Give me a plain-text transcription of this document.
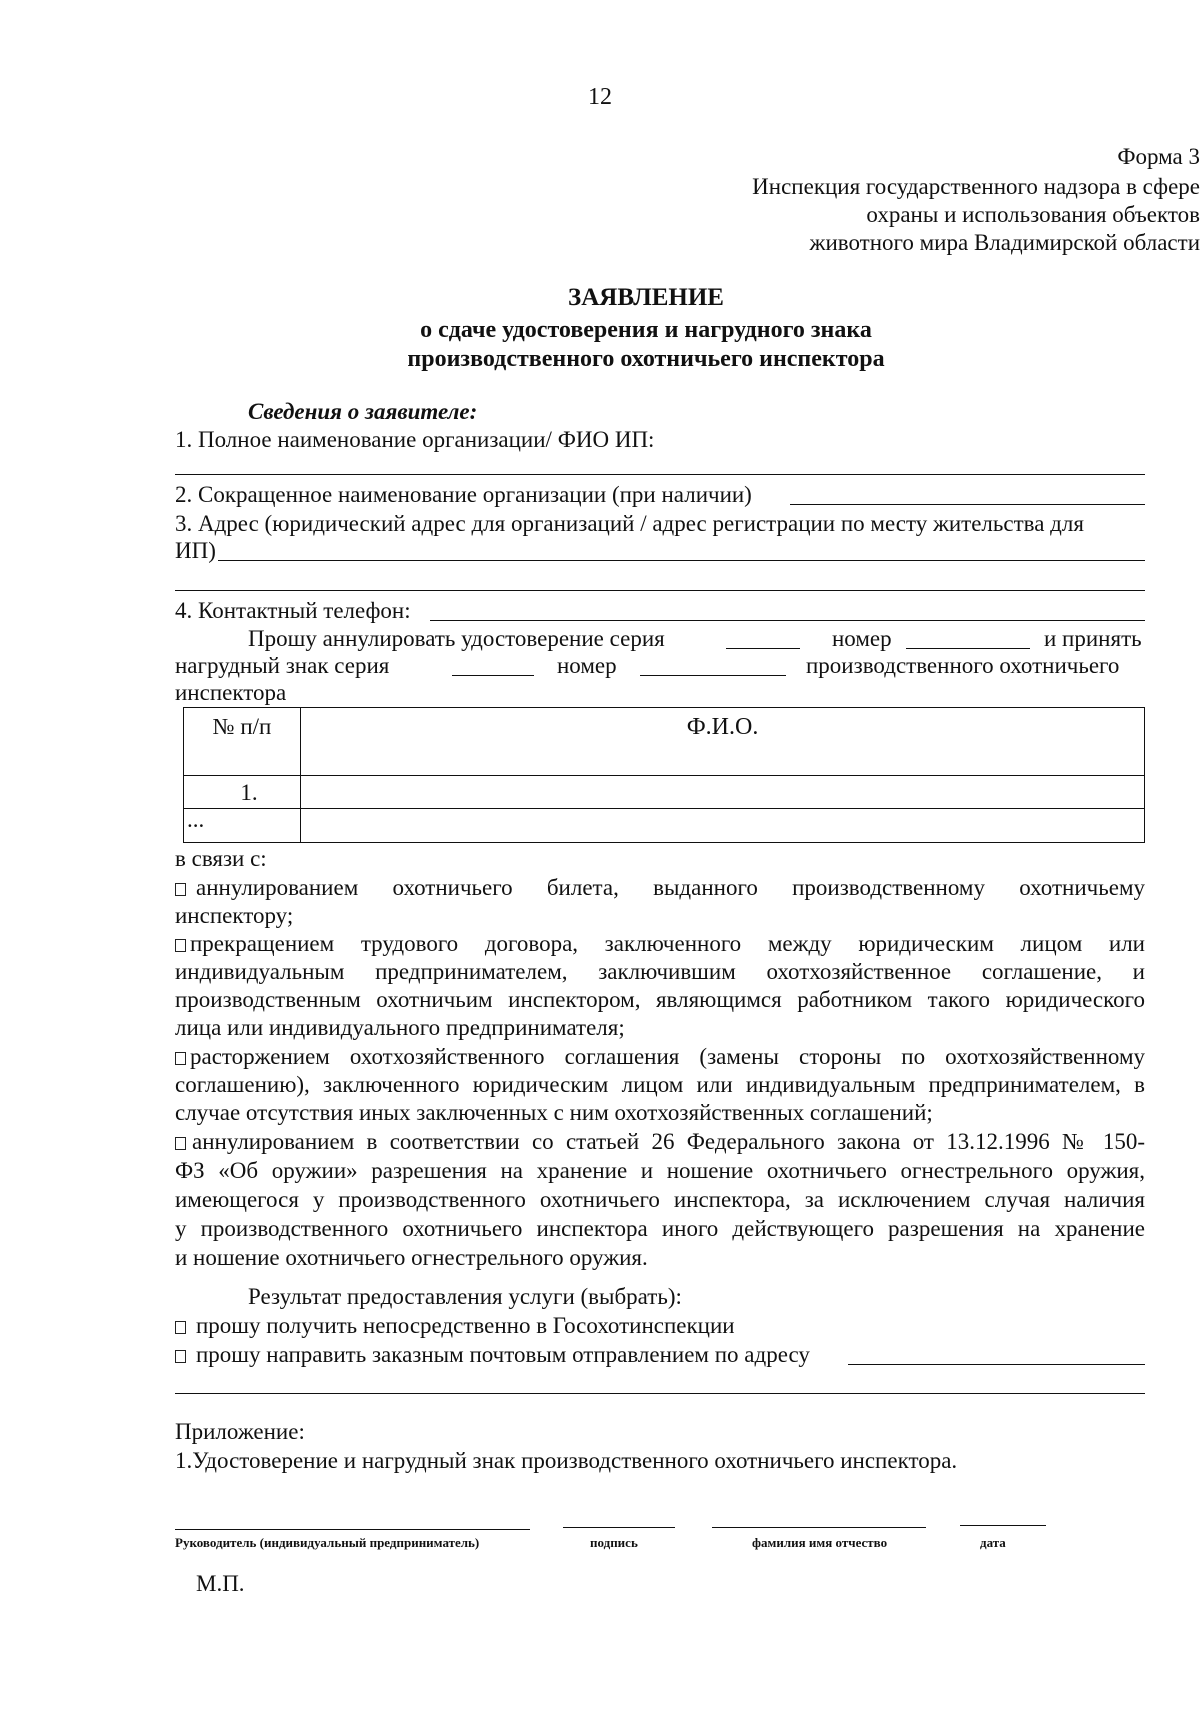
12
Форма 3
Инспекция государственного надзора в сфере
охраны и использования объектов
животного мира Владимирской области
ЗАЯВЛЕНИЕ
о сдаче удостоверения и нагрудного знака
производственного охотничьего инспектора
Сведения о заявителе:
1. Полное наименование организации/ ФИО ИП:
2. Сокращенное наименование организации (при наличии)
3. Адрес (юридический адрес для организаций / адрес регистрации по месту жительства для
ИП)
4. Контактный телефон:
Прошу аннулировать удостоверение серия	номер	и принять
нагрудный знак серия	номер	производственного охотничьего
инспектора
№ п/п	Ф.И.О.
1.	
...	
в связи с:
аннулированием охотничьего билета, выданного производственному охотничьему
инспектору;
прекращением трудового договора, заключенного между юридическим лицом или
индивидуальным предпринимателем, заключившим охотхозяйственное соглашение, и
производственным охотничьим инспектором, являющимся работником такого юридического
лица или индивидуального предпринимателя;
расторжением охотхозяйственного соглашения (замены стороны по охотхозяйственному
соглашению), заключенного юридическим лицом или индивидуальным предпринимателем, в
случае отсутствия иных заключенных с ним охотхозяйственных соглашений;
аннулированием в соответствии со статьей 26 Федерального закона от 13.12.1996 № 150-
ФЗ «Об оружии» разрешения на хранение и ношение охотничьего огнестрельного оружия,
имеющегося у производственного охотничьего инспектора, за исключением случая наличия
у производственного охотничьего инспектора иного действующего разрешения на хранение
и ношение охотничьего огнестрельного оружия.
Результат предоставления услуги (выбрать):
прошу получить непосредственно в Госохотинспекции
прошу направить заказным почтовым отправлением по адресу
Приложение:
1.Удостоверение и нагрудный знак производственного охотничьего инспектора.
Руководитель (индивидуальный предприниматель)	подпись	фамилия имя отчество	дата
М.П.
